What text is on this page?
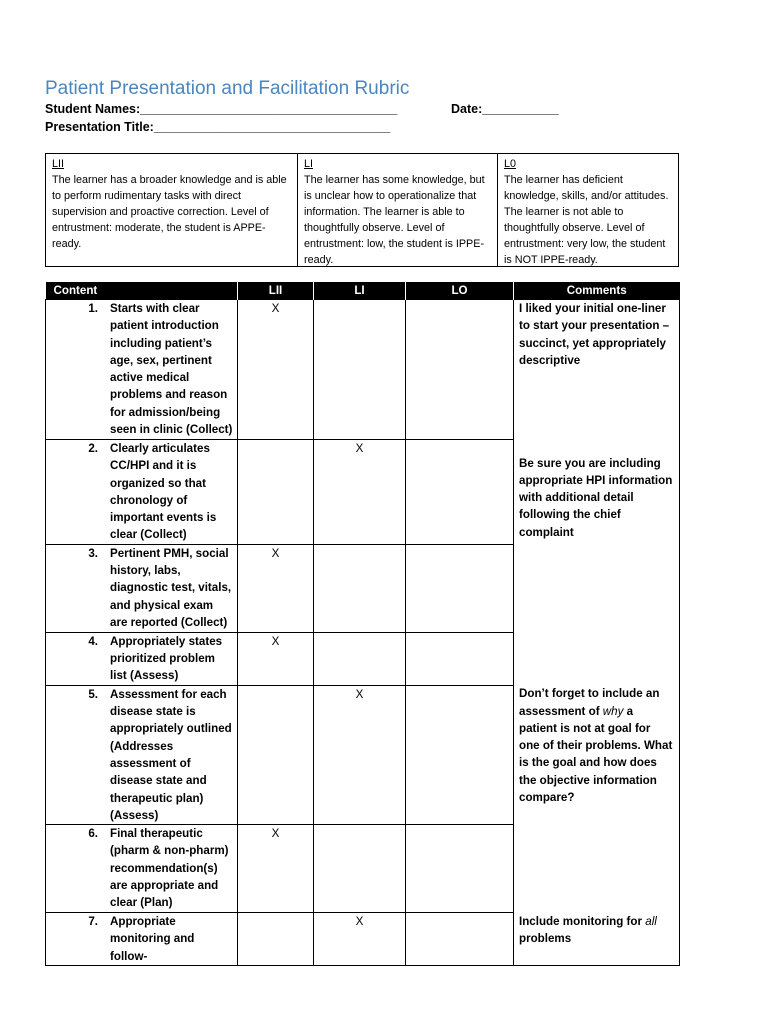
Patient Presentation and Facilitation Rubric
Student Names:_____________________________________	Date:___________
Presentation Title:__________________________________
LII
The learner has a broader knowledge and is able to perform rudimentary tasks with direct supervision and proactive correction. Level of entrustment: moderate, the student is APPE-ready.
LI
The learner has some knowledge, but is unclear how to operationalize that information. The learner is able to thoughtfully observe. Level of entrustment: low, the student is IPPE-ready.
L0
The learner has deficient knowledge, skills, and/or attitudes. The learner is not able to thoughtfully observe. Level of entrustment: very low, the student is NOT IPPE-ready.
Content	LII	LI	LO	Comments

1. Starts with clear patient introduction including patient’s age, sex, pertinent active medical problems and reason for admission/being seen in clinic (Collect)	X			I liked your initial one-liner to start your presentation – succinct, yet appropriately descriptive

2. Clearly articulates CC/HPI and it is organized so that chronology of important events is clear (Collect)		X		Be sure you are including appropriate HPI information with additional detail following the chief complaint

3. Pertinent PMH, social history, labs, diagnostic test, vitals, and physical exam are reported (Collect)	X			

4. Appropriately states prioritized problem list (Assess)	X			

5. Assessment for each disease state is appropriately outlined (Addresses assessment of disease state and therapeutic plan) (Assess)		X		Don’t forget to include an assessment of why a patient is not at goal for one of their problems. What is the goal and how does the objective information compare?

6. Final therapeutic (pharm & non-pharm) recommendation(s) are appropriate and clear (Plan)	X			

7. Appropriate monitoring and follow-		X		Include monitoring for all problems
